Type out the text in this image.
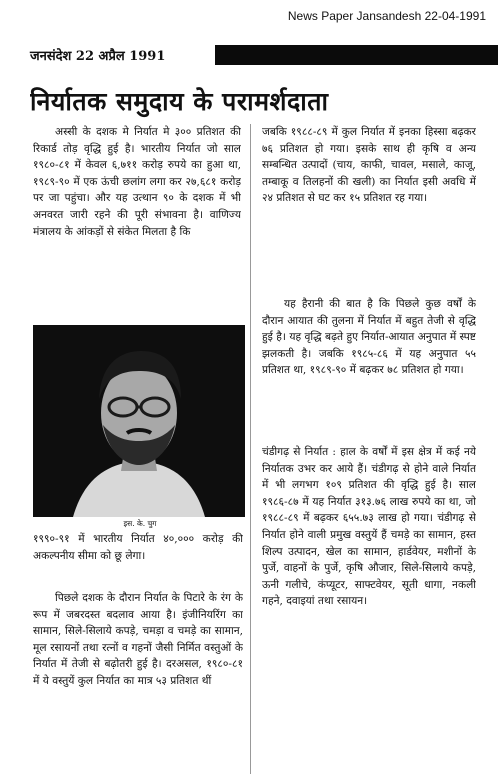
News Paper Jansandesh 22-04-1991
जनसंदेश 22 अप्रैल 1991
निर्यातक समुदाय के परामर्शदाता

अस्सी के दशक मे निर्यात मे ३०० प्रतिशत की रिकार्ड तोड़ वृद्धि हुई है। भारतीय निर्यात जो साल १९८०-८१ में केवल ६,७११ करोड़ रुपये का हुआ था, १९८९-९० में एक ऊंची छलांग लगा कर २७,६८१ करोड़ पर जा पहुंचा। और यह उत्थान ९० के दशक में भी अनवरत जारी रहने की पूरी संभावना है। वाणिज्य मंत्रालय के आंकड़ों से संकेत मिलता है कि

इस. के. चुग

१९९०-९१ में भारतीय निर्यात ४०,००० करोड़ की अकल्पनीय सीमा को छू लेगा।

पिछले दशक के दौरान निर्यात के पिटारे के रंग के रूप में जबरदस्त बदलाव आया है। इंजीनियरिंग का सामान, सिले-सिलाये कपड़े, चमड़ा व चमड़े का सामान, मूल रसायनों तथा रत्नों व गहनों जैसी निर्मित वस्तुओं के निर्यात में तेजी से बढ़ोतरी हुई है। दरअसल, १९८०-८१ में ये वस्तुयें कुल निर्यात का मात्र ५३ प्रतिशत थीं

जबकि १९८८-८९ में कुल निर्यात में इनका हिस्सा बढ़कर ७६ प्रतिशत हो गया। इसके साथ ही कृषि व अन्य सम्बन्धित उत्पादों (चाय, काफी, चावल, मसाले, काजू, तम्बाकू व तिलहनों की खली) का निर्यात इसी अवधि में २४ प्रतिशत से घट कर १५ प्रतिशत रह गया।

यह हैरानी की बात है कि पिछले कुछ वर्षों के दौरान आयात की तुलना में निर्यात में बहुत तेजी से वृद्धि हुई है। यह वृद्धि बढ़ते हुए निर्यात-आयात अनुपात में स्पष्ट झलकती है। जबकि १९८५-८६ में यह अनुपात ५५ प्रतिशत था, १९८९-९० में बढ़कर ७८ प्रतिशत हो गया।

चंडीगढ़ से निर्यात : हाल के वर्षों में इस क्षेत्र में कई नये निर्यातक उभर कर आये हैं। चंडीगढ़ से होने वाले निर्यात में भी लगभग १०९ प्रतिशत की वृद्धि हुई है। साल १९८६-८७ में यह निर्यात ३१३.७६ लाख रुपये का था, जो १९८८-८९ में बढ़कर ६५५.७३ लाख हो गया। चंडीगढ़ से निर्यात होने वाली प्रमुख वस्तुयें हैं चमड़े का सामान, हस्त शिल्प उत्पादन, खेल का सामान, हार्डवेयर, मशीनों के पुर्जे, वाहनों के पुर्जे, कृषि औजार, सिले-सिलाये कपड़े, ऊनी गलीचे, कंप्यूटर, साफ्टवेयर, सूती धागा, नकली गहने, दवाइयां तथा रसायन।
